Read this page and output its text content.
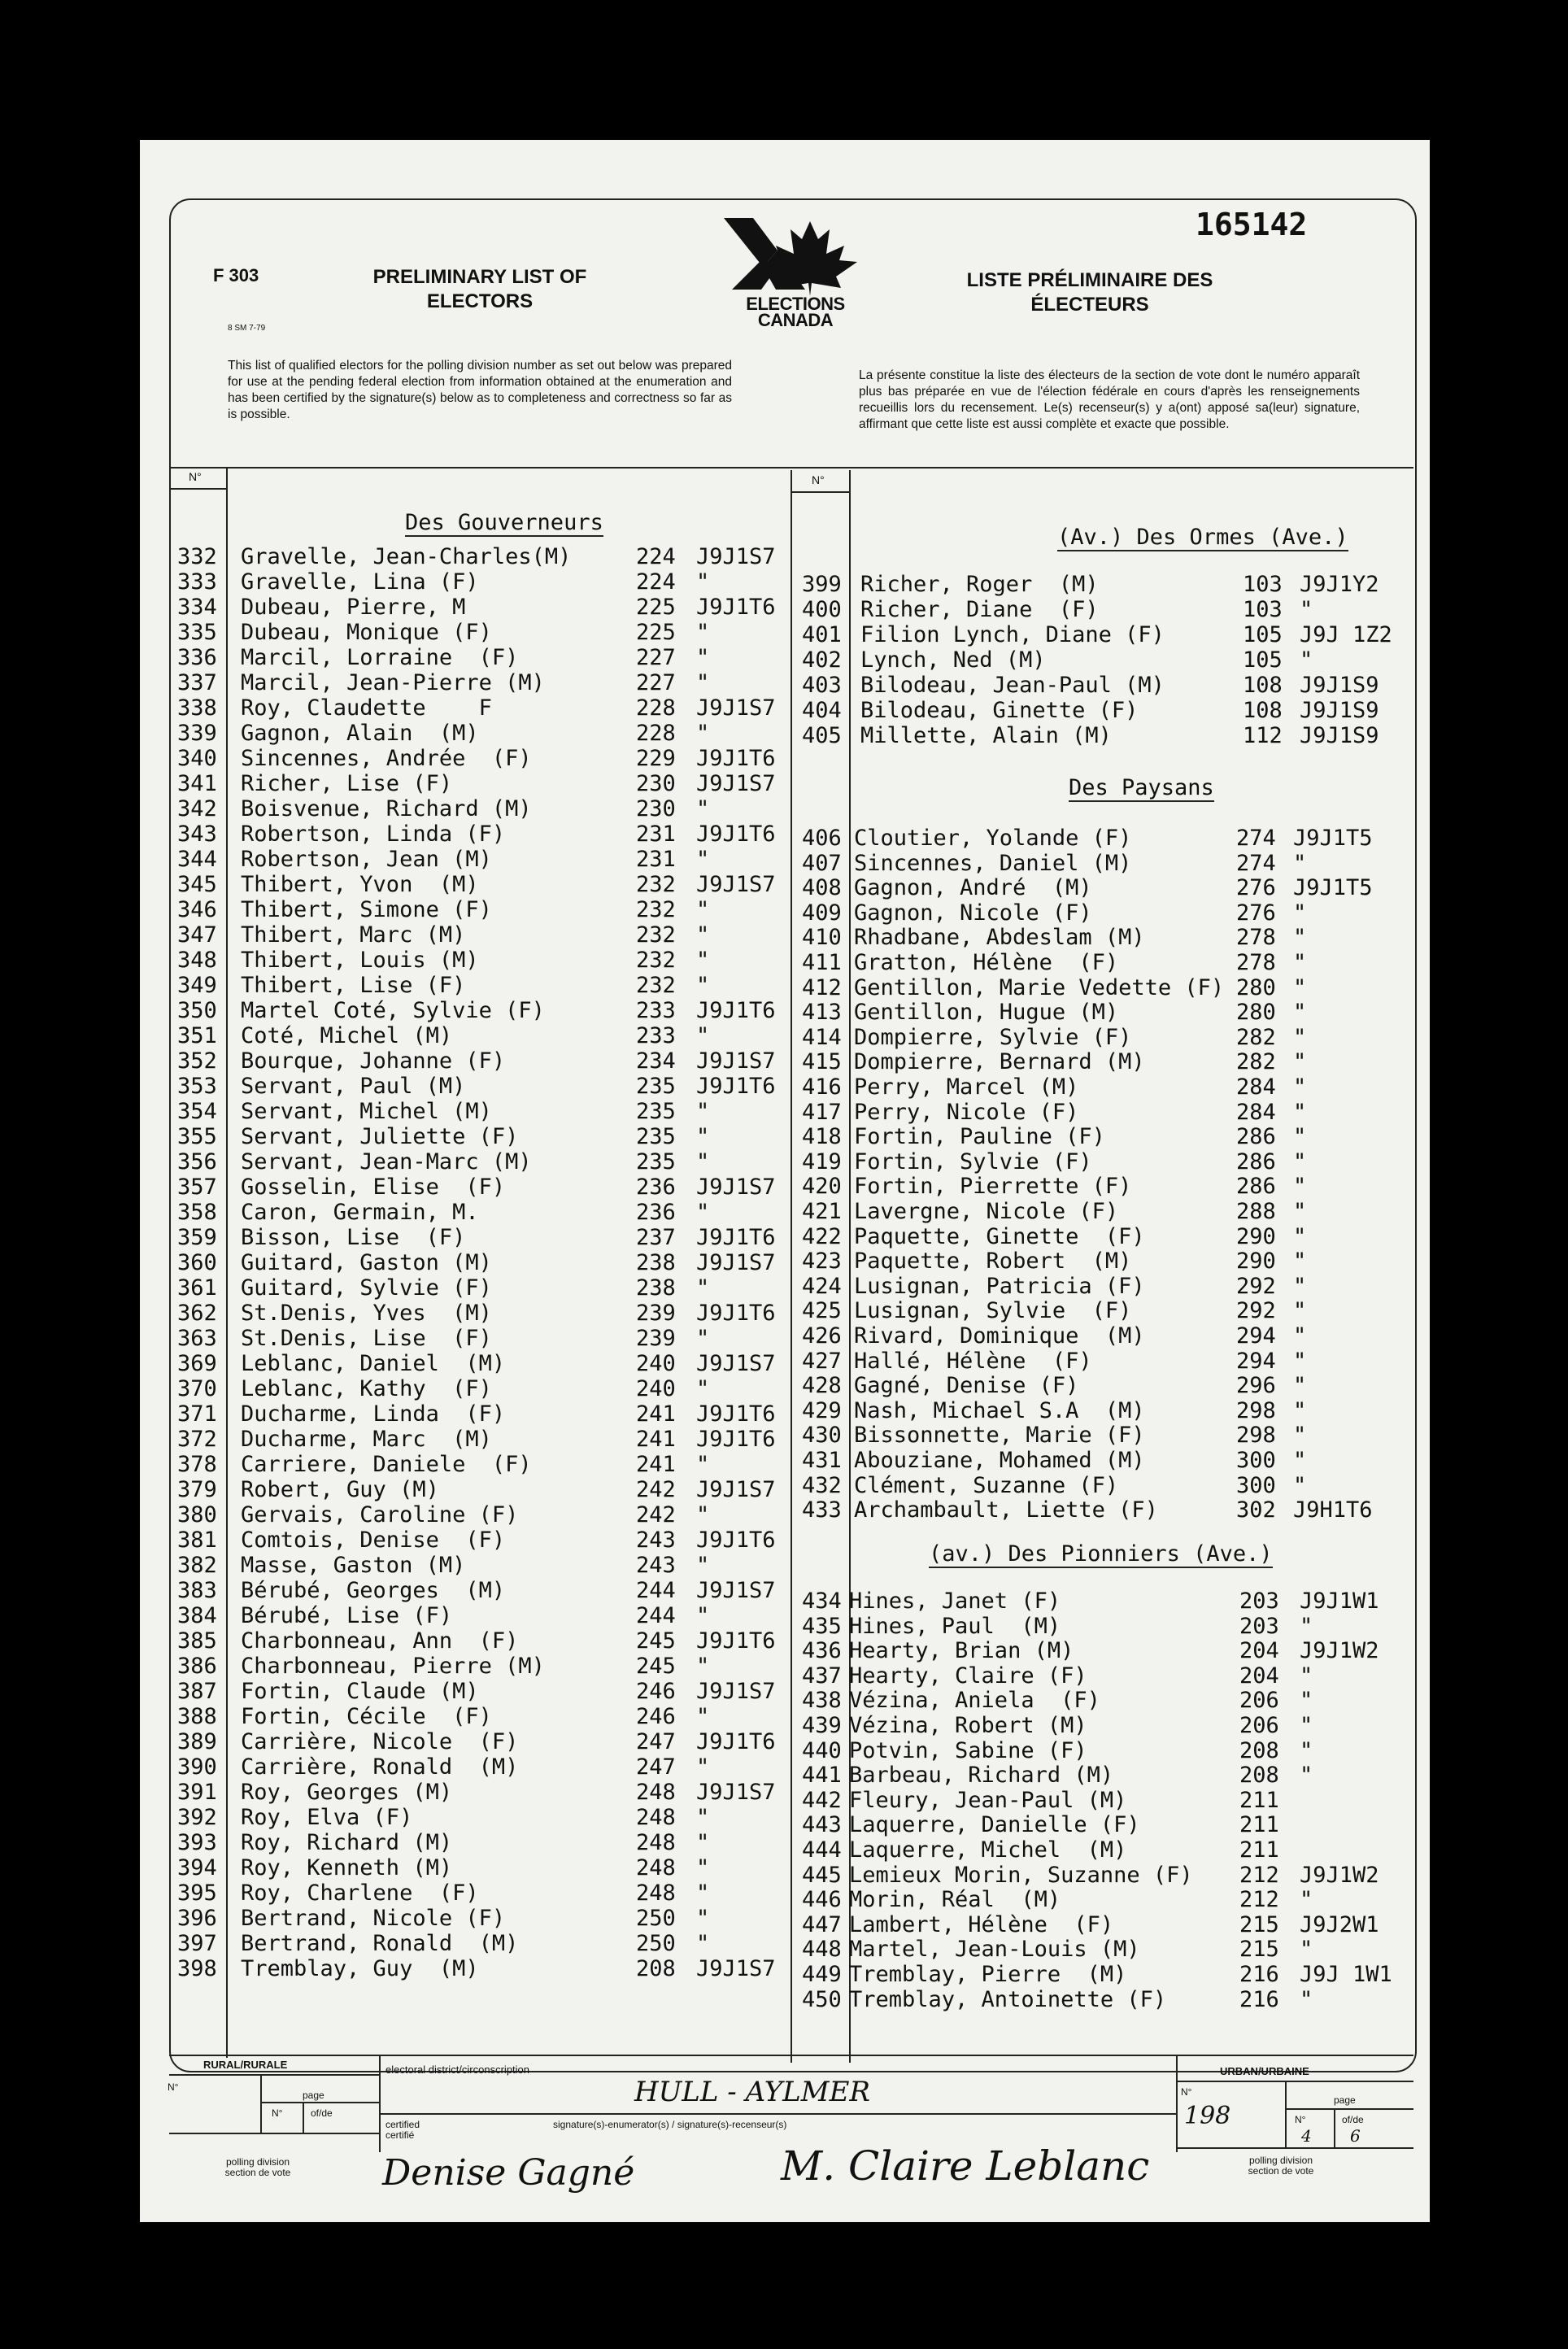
165142
F 303
8 SM 7-79
PRELIMINARY LIST OF ELECTORS
LISTE PRÉLIMINAIRE DES ÉLECTEURS
ELECTIONS CANADA
This list of qualified electors for the polling division number as set out below was prepared for use at the pending federal election from information obtained at the enumeration and has been certified by the signature(s) below as to completeness and correctness so far as is possible.
La présente constitue la liste des électeurs de la section de vote dont le numéro apparaît plus bas préparée en vue de l'élection fédérale en cours d'après les renseignements recueillis lors du recensement. Le(s) recenseur(s) y a(ont) apposé sa(leur) signature, affirmant que cette liste est aussi complète et exacte que possible.
N°	N°
Des Gouverneurs
332 Gravelle, Jean-Charles(M)	224 J9J1S7
333 Gravelle, Lina (F)	224 "
334 Dubeau, Pierre, M	225 J9J1T6
335 Dubeau, Monique (F)	225 "
336 Marcil, Lorraine  (F)	227 "
337 Marcil, Jean-Pierre (M)	227 "
338 Roy, Claudette    F	228 J9J1S7
339 Gagnon, Alain  (M)	228 "
340 Sincennes, Andrée  (F)	229 J9J1T6
341 Richer, Lise (F)	230 J9J1S7
342 Boisvenue, Richard (M)	230 "
343 Robertson, Linda (F)	231 J9J1T6
344 Robertson, Jean (M)	231 "
345 Thibert, Yvon  (M)	232 J9J1S7
346 Thibert, Simone (F)	232 "
347 Thibert, Marc (M)	232 "
348 Thibert, Louis (M)	232 "
349 Thibert, Lise (F)	232 "
350 Martel Coté, Sylvie (F)	233 J9J1T6
351 Coté, Michel (M)	233 "
352 Bourque, Johanne (F)	234 J9J1S7
353 Servant, Paul (M)	235 J9J1T6
354 Servant, Michel (M)	235 "
355 Servant, Juliette (F)	235 "
356 Servant, Jean-Marc (M)	235 "
357 Gosselin, Elise  (F)	236 J9J1S7
358 Caron, Germain, M.	236 "
359 Bisson, Lise  (F)	237 J9J1T6
360 Guitard, Gaston (M)	238 J9J1S7
361 Guitard, Sylvie (F)	238 "
362 St.Denis, Yves  (M)	239 J9J1T6
363 St.Denis, Lise  (F)	239 "
369 Leblanc, Daniel  (M)	240 J9J1S7
370 Leblanc, Kathy  (F)	240 "
371 Ducharme, Linda  (F)	241 J9J1T6
372 Ducharme, Marc  (M)	241 J9J1T6
378 Carriere, Daniele  (F)	241 "
379 Robert, Guy (M)	242 J9J1S7
380 Gervais, Caroline (F)	242 "
381 Comtois, Denise  (F)	243 J9J1T6
382 Masse, Gaston (M)	243 "
383 Bérubé, Georges  (M)	244 J9J1S7
384 Bérubé, Lise (F)	244 "
385 Charbonneau, Ann  (F)	245 J9J1T6
386 Charbonneau, Pierre (M)	245 "
387 Fortin, Claude (M)	246 J9J1S7
388 Fortin, Cécile  (F)	246 "
389 Carrière, Nicole  (F)	247 J9J1T6
390 Carrière, Ronald  (M)	247 "
391 Roy, Georges (M)	248 J9J1S7
392 Roy, Elva (F)	248 "
393 Roy, Richard (M)	248 "
394 Roy, Kenneth (M)	248 "
395 Roy, Charlene  (F)	248 "
396 Bertrand, Nicole (F)	250 "
397 Bertrand, Ronald  (M)	250 "
398 Tremblay, Guy  (M)	208 J9J1S7
(Av.) Des Ormes (Ave.)
Des Paysans
(av.) Des Pionniers (Ave.)
399 Richer, Roger  (M)	103 J9J1Y2
400 Richer, Diane  (F)	103 "
401 Filion Lynch, Diane (F)	105 J9J 1Z2
402 Lynch, Ned (M)	105 "
403 Bilodeau, Jean-Paul (M)	108 J9J1S9
404 Bilodeau, Ginette (F)	108 J9J1S9
405 Millette, Alain (M)	112 J9J1S9
406 Cloutier, Yolande (F)	274 J9J1T5
407 Sincennes, Daniel (M)	274 "
408 Gagnon, André  (M)	276 J9J1T5
409 Gagnon, Nicole (F)	276 "
410 Rhadbane, Abdeslam (M)	278 "
411 Gratton, Hélène  (F)	278 "
412 Gentillon, Marie Vedette (F) 280 "
413 Gentillon, Hugue (M)	280 "
414 Dompierre, Sylvie (F)	282 "
415 Dompierre, Bernard (M)	282 "
416 Perry, Marcel (M)	284 "
417 Perry, Nicole (F)	284 "
418 Fortin, Pauline (F)	286 "
419 Fortin, Sylvie (F)	286 "
420 Fortin, Pierrette (F)	286 "
421 Lavergne, Nicole (F)	288 "
422 Paquette, Ginette  (F)	290 "
423 Paquette, Robert  (M)	290 "
424 Lusignan, Patricia (F)	292 "
425 Lusignan, Sylvie  (F)	292 "
426 Rivard, Dominique  (M)	294 "
427 Hallé, Hélène  (F)	294 "
428 Gagné, Denise (F)	296 "
429 Nash, Michael S.A  (M)	298 "
430 Bissonnette, Marie (F)	298 "
431 Abouziane, Mohamed (M)	300 "
432 Clément, Suzanne (F)	300 "
433 Archambault, Liette (F)	302 J9H1T6
434 Hines, Janet (F)	203 J9J1W1
435 Hines, Paul  (M)	203 "
436 Hearty, Brian (M)	204 J9J1W2
437 Hearty, Claire (F)	204 "
438 Vézina, Aniela  (F)	206 "
439 Vézina, Robert (M)	206 "
440 Potvin, Sabine (F)	208 "
441 Barbeau, Richard (M)	208 "
442 Fleury, Jean-Paul (M)	211
443 Laquerre, Danielle (F)	211
444 Laquerre, Michel  (M)	211
445 Lemieux Morin, Suzanne (F) 212 J9J1W2
446 Morin, Réal  (M)	212 "
447 Lambert, Hélène  (F)	215 J9J2W1
448 Martel, Jean-Louis (M)	215 "
449 Tremblay, Pierre  (M)	216 J9J 1W1
450 Tremblay, Antoinette (F)	216 "
RURAL/RURALE
N°
page
N°	of/de
polling division section de vote
electoral district/circonscription
HULL - AYLMER
certified certifié
signature(s)-enumerator(s) / signature(s)-recenseur(s)
Denise Gagné	M. Claire Leblanc
URBAN/URBAINE
N°
page
N°	of/de
198
4 6
polling division section de vote
